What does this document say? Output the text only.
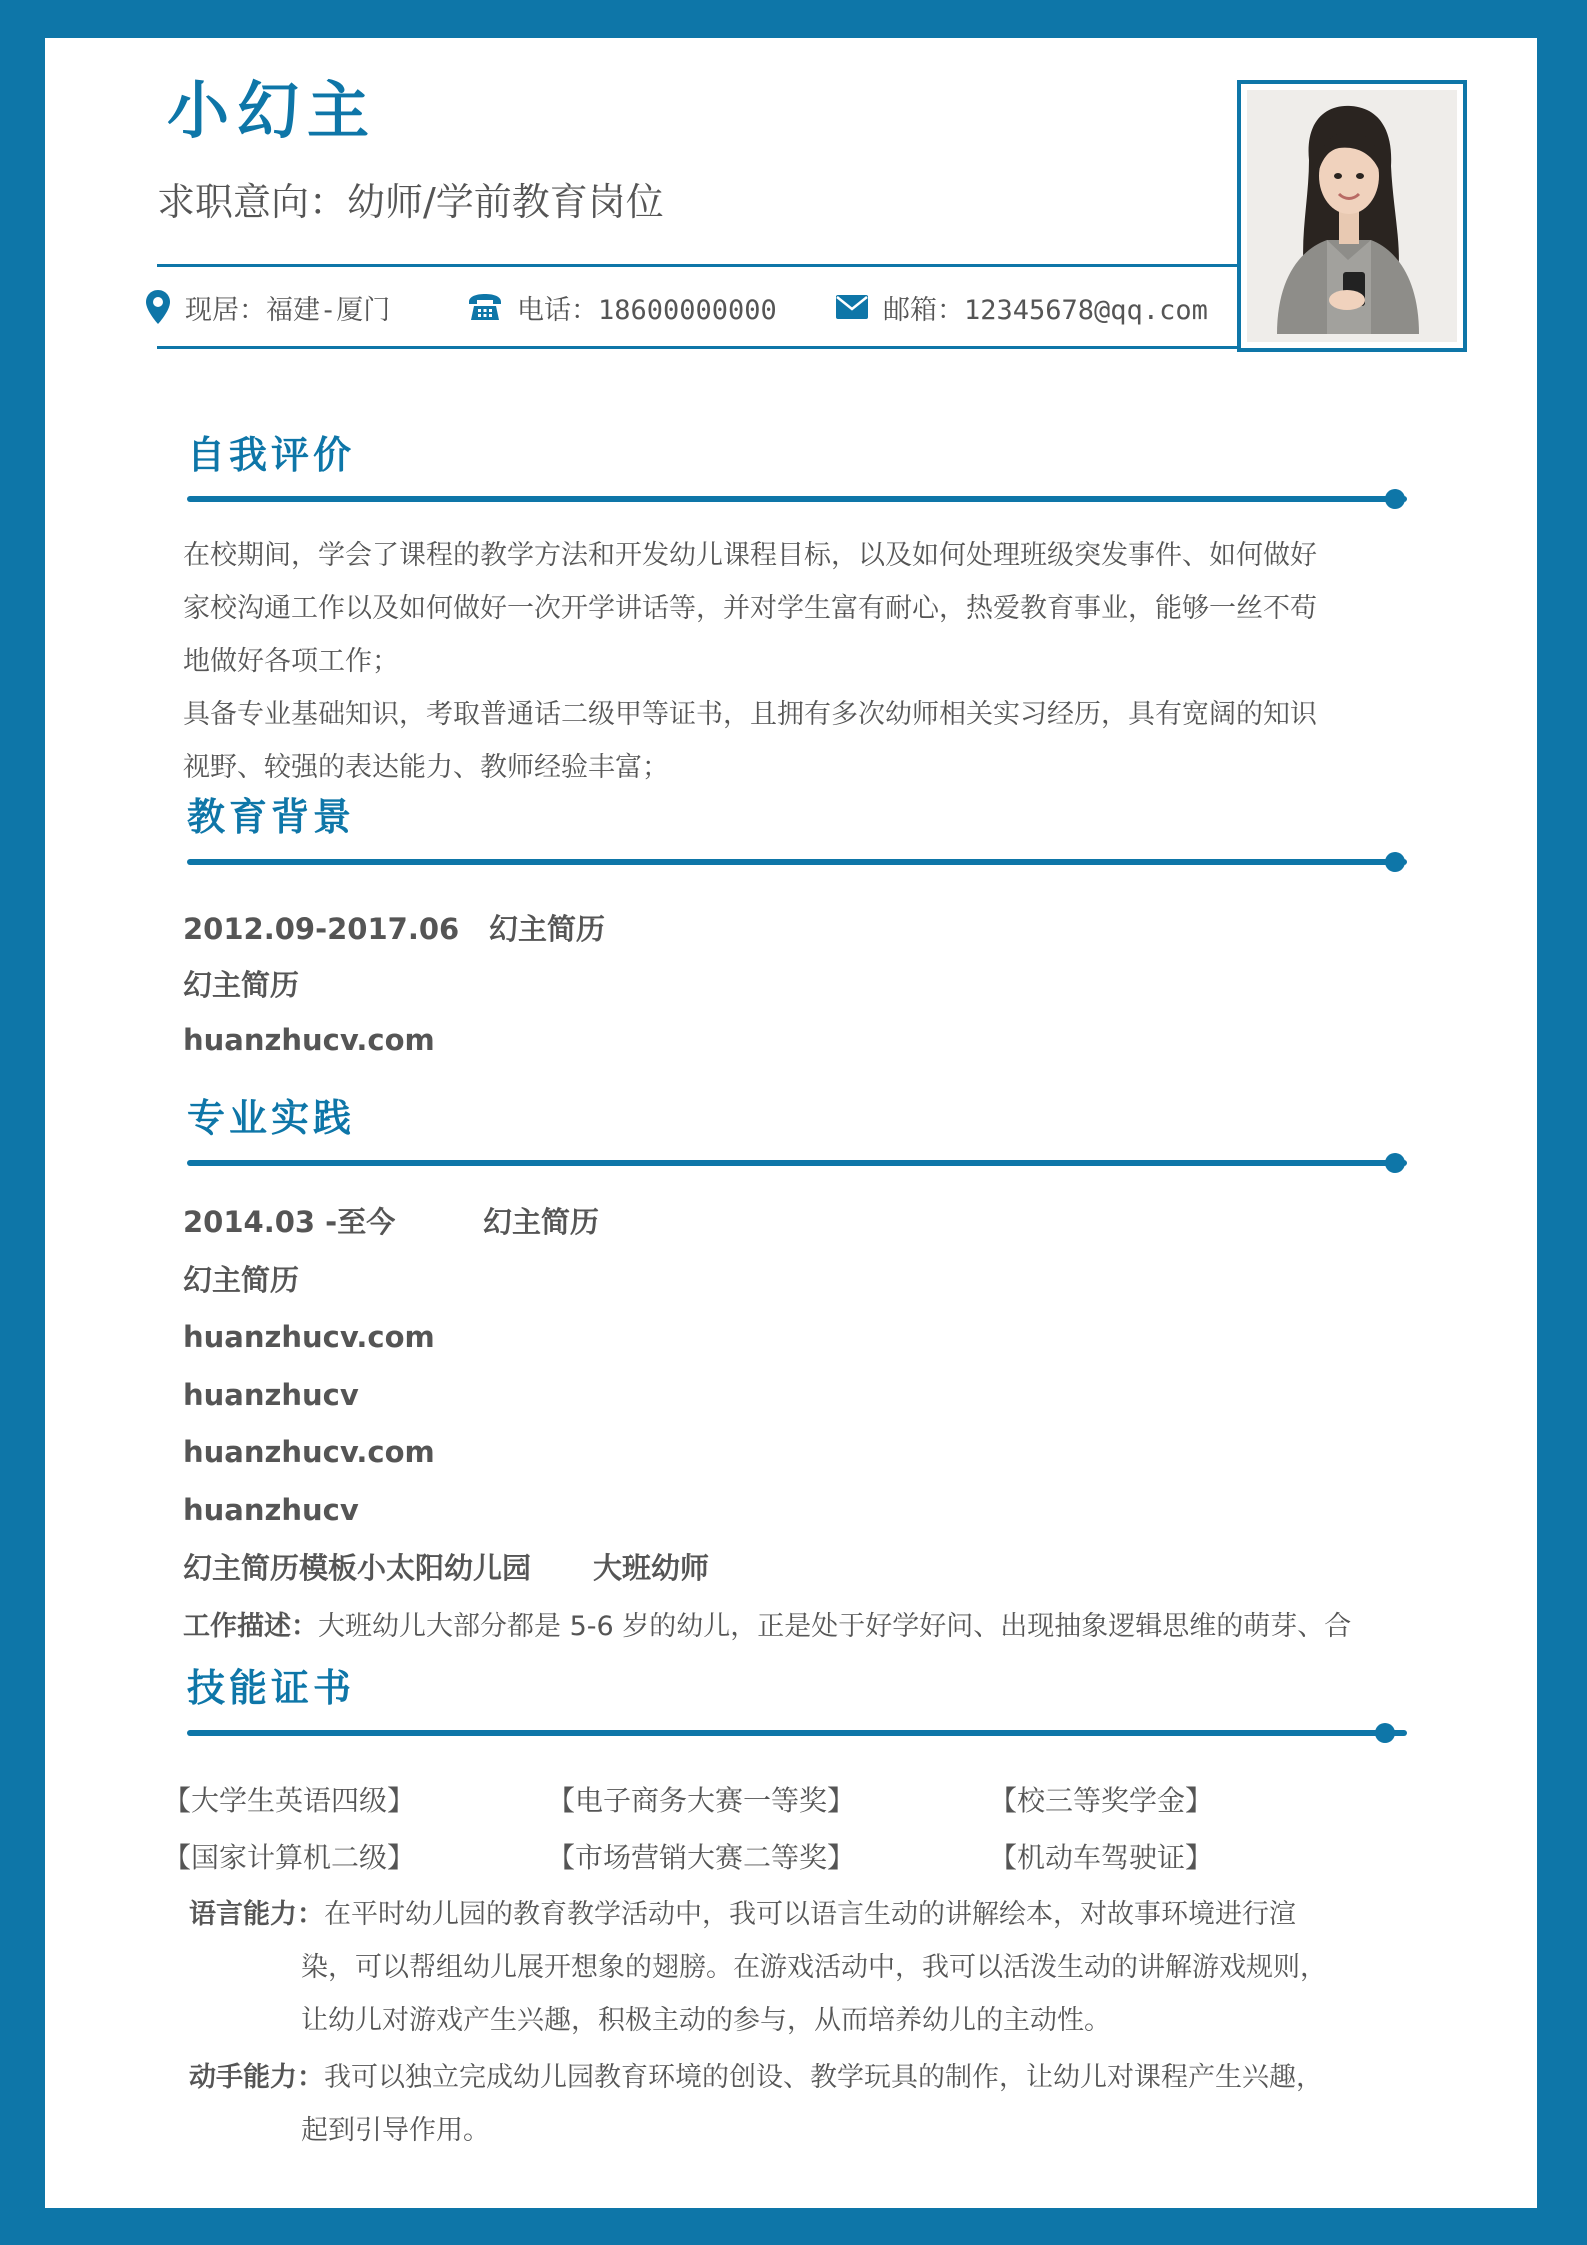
小幻主
求职意向：幼师/学前教育岗位
现居：福建-厦门	电话：18600000000	邮箱：12345678@qq.com
自我评价
在校期间，学会了课程的教学方法和开发幼儿课程目标，以及如何处理班级突发事件、如何做好
家校沟通工作以及如何做好一次开学讲话等，并对学生富有耐心，热爱教育事业，能够一丝不苟
地做好各项工作；
具备专业基础知识，考取普通话二级甲等证书，且拥有多次幼师相关实习经历，具有宽阔的知识
视野、较强的表达能力、教师经验丰富；
教育背景
2012.09-2017.06 幻主简历
幻主简历
huanzhucv.com
专业实践
2014.03 -至今	幻主简历
幻主简历
huanzhucv.com
huanzhucv
huanzhucv.com
huanzhucv
幻主简历模板小太阳幼儿园 大班幼师
工作描述：大班幼儿大部分都是 5-6 岁的幼儿，正是处于好学好问、出现抽象逻辑思维的萌芽、合
技能证书
【大学生英语四级】	【电子商务大赛一等奖】	【校三等奖学金】
【国家计算机二级】	【市场营销大赛二等奖】	【机动车驾驶证】
语言能力：在平时幼儿园的教育教学活动中，我可以语言生动的讲解绘本，对故事环境进行渲
染，可以帮组幼儿展开想象的翅膀。在游戏活动中，我可以活泼生动的讲解游戏规则，
让幼儿对游戏产生兴趣，积极主动的参与，从而培养幼儿的主动性。
动手能力：我可以独立完成幼儿园教育环境的创设、教学玩具的制作，让幼儿对课程产生兴趣，
起到引导作用。
